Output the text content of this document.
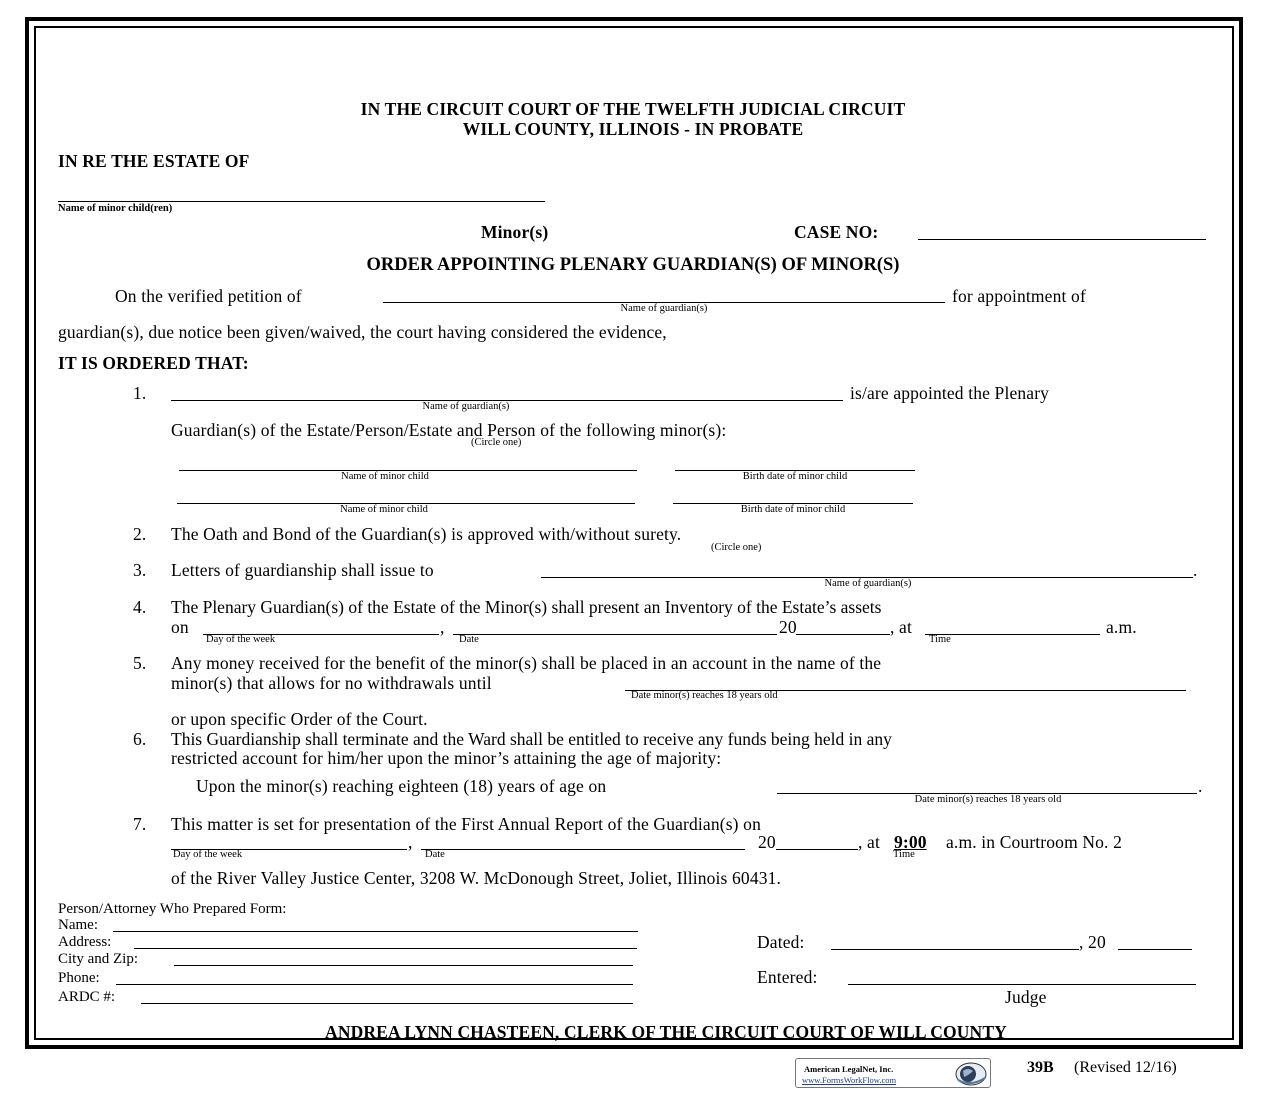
IN THE CIRCUIT COURT OF THE TWELFTH JUDICIAL CIRCUIT
WILL COUNTY, ILLINOIS - IN PROBATE
IN RE THE ESTATE OF
Name of minor child(ren)
Minor(s)	CASE NO:
ORDER APPOINTING PLENARY GUARDIAN(S) OF MINOR(S)
On the verified petition of
Name of guardian(s)
for appointment of
guardian(s), due notice been given/waived, the court having considered the evidence,
IT IS ORDERED THAT:
1.
Name of guardian(s)
is/are appointed the Plenary
Guardian(s) of the Estate/Person/Estate and Person of the following minor(s):
(Circle one)
Name of minor child	Birth date of minor child
Name of minor child	Birth date of minor child
2. The Oath and Bond of the Guardian(s) is approved with/without surety.
(Circle one)
3. Letters of guardianship shall issue to	.
Name of guardian(s)
4. The Plenary Guardian(s) of the Estate of the Minor(s) shall present an Inventory of the Estate’s assets
on	,	20	, at	a.m.
Day of the week	Date	Time
5. Any money received for the benefit of the minor(s) shall be placed in an account in the name of the
minor(s) that allows for no withdrawals until
Date minor(s) reaches 18 years old
or upon specific Order of the Court.
6. This Guardianship shall terminate and the Ward shall be entitled to receive any funds being held in any
restricted account for him/her upon the minor’s attaining the age of majority:
Upon the minor(s) reaching eighteen (18) years of age on	.
Date minor(s) reaches 18 years old
7. This matter is set for presentation of the First Annual Report of the Guardian(s) on
,	20	, at 9:00 a.m. in Courtroom No. 2
Day of the week	Date	Time
of the River Valley Justice Center, 3208 W. McDonough Street, Joliet, Illinois 60431.
Person/Attorney Who Prepared Form:
Name:
Address:
City and Zip:
Phone:
ARDC #:
Dated:	, 20
Entered:
Judge
ANDREA LYNN CHASTEEN, CLERK OF THE CIRCUIT COURT OF WILL COUNTY
American LegalNet, Inc.
www.FormsWorkFlow.com
39B (Revised 12/16)
